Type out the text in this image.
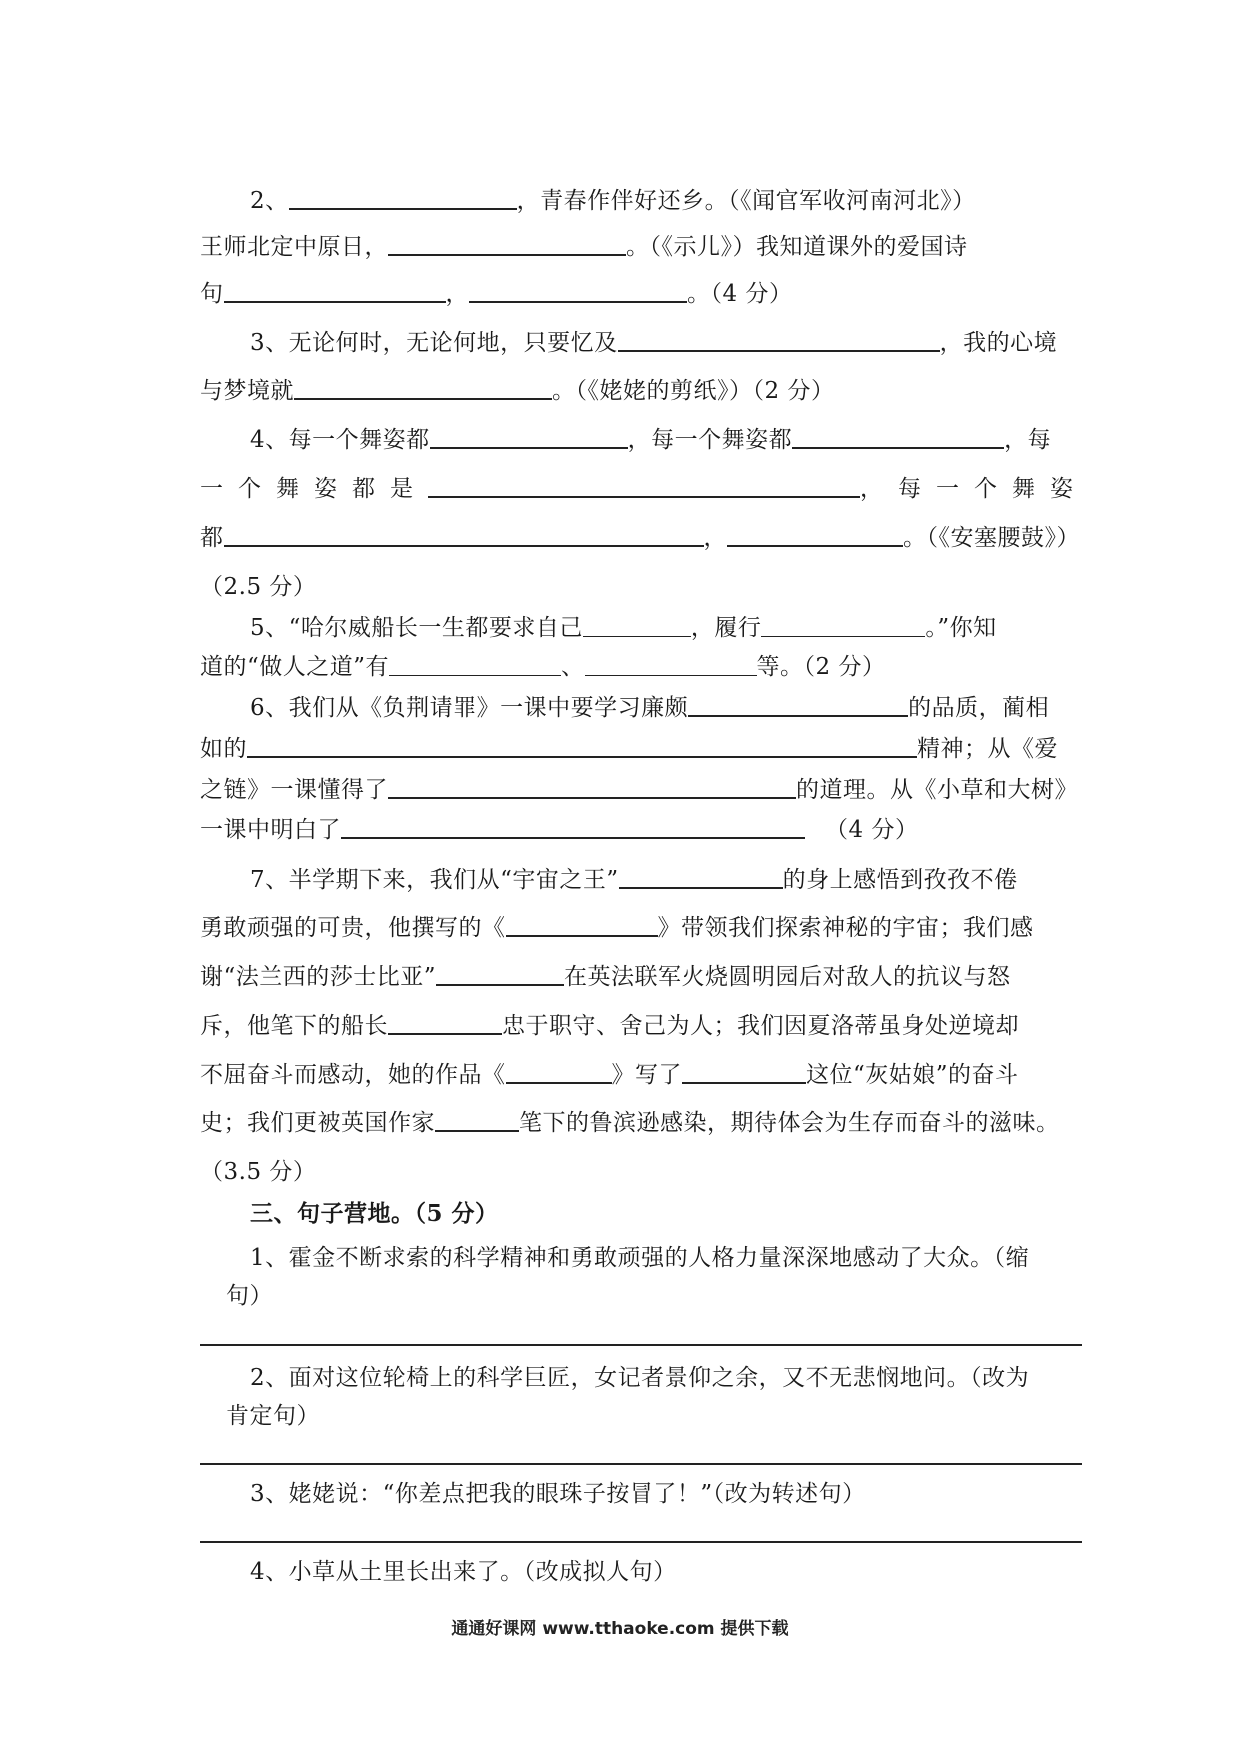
2、	，青春作伴好还乡。（《闻官军收河南河北》）
王师北定中原日，	。（《示儿》）我知道课外的爱国诗
句	，	。（4 分）
3、无论何时，无论何地，只要忆及	，我的心境
与梦境就	。（《姥姥的剪纸》）（2 分）
4、每一个舞姿都	，每一个舞姿都	，每
一个舞姿都是	，每一个舞姿
都	，	。（《安塞腰鼓》）
（2.5 分）
5、“哈尔威船长一生都要求自己	，履行	。”你知
道的“做人之道”有	、	等。（2 分）
6、我们从《负荆请罪》一课中要学习廉颇	的品质，蔺相
如的	精神；从《爱
之链》一课懂得了	的道理。从《小草和大树》
一课中明白了	（4 分）
7、半学期下来，我们从“宇宙之王”	的身上感悟到孜孜不倦
勇敢顽强的可贵，他撰写的《	》带领我们探索神秘的宇宙；我们感
谢“法兰西的莎士比亚”	在英法联军火烧圆明园后对敌人的抗议与怒
斥，他笔下的船长	忠于职守、舍己为人；我们因夏洛蒂虽身处逆境却
不屈奋斗而感动，她的作品《	》写了	这位“灰姑娘”的奋斗
史；我们更被英国作家	笔下的鲁滨逊感染，期待体会为生存而奋斗的滋味。
（3.5 分）
三、句子营地。（5 分）
1、霍金不断求索的科学精神和勇敢顽强的人格力量深深地感动了大众。（缩
句）
2、面对这位轮椅上的科学巨匠，女记者景仰之余，又不无悲悯地问。（改为
肯定句）
3、姥姥说：“你差点把我的眼珠子按冒了！”（改为转述句）
4、小草从土里长出来了。（改成拟人句）
通通好课网 www.tthaoke.com 提供下载
